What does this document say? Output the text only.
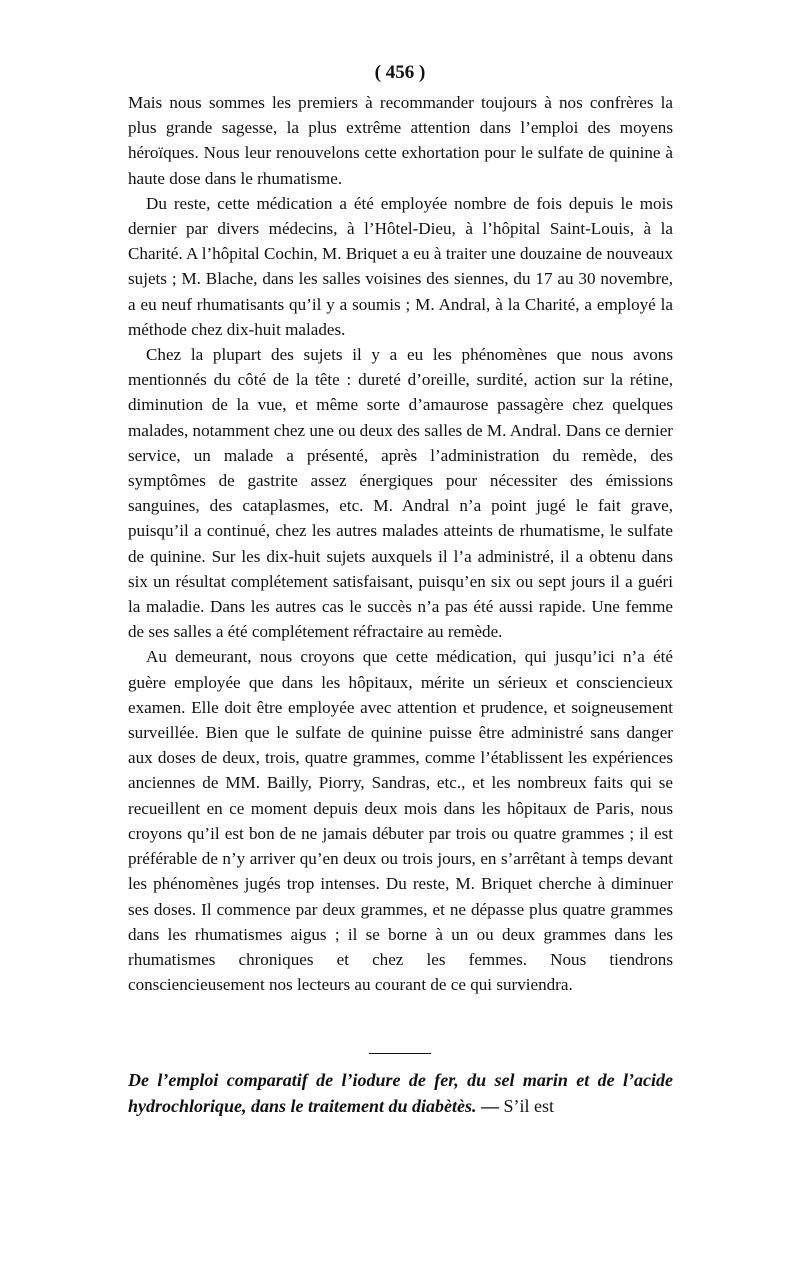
( 456 )

Mais nous sommes les premiers à recommander toujours à nos confrères la plus grande sagesse, la plus extrême attention dans l’emploi des moyens héroïques. Nous leur renouvelons cette exhortation pour le sulfate de quinine à haute dose dans le rhumatisme.

Du reste, cette médication a été employée nombre de fois depuis le mois dernier par divers médecins, à l’Hôtel-Dieu, à l’hôpital Saint-Louis, à la Charité. A l’hôpital Cochin, M. Briquet a eu à traiter une douzaine de nouveaux sujets ; M. Blache, dans les salles voisines des siennes, du 17 au 30 novembre, a eu neuf rhumatisants qu’il y a soumis ; M. Andral, à la Charité, a employé la méthode chez dix-huit malades.

Chez la plupart des sujets il y a eu les phénomènes que nous avons mentionnés du côté de la tête : dureté d’oreille, surdité, action sur la rétine, diminution de la vue, et même sorte d’amaurose passagère chez quelques malades, notamment chez une ou deux des salles de M. Andral. Dans ce dernier service, un malade a présenté, après l’administration du remède, des symptômes de gastrite assez énergiques pour nécessiter des émissions sanguines, des cataplasmes, etc. M. Andral n’a point jugé le fait grave, puisqu’il a continué, chez les autres malades atteints de rhumatisme, le sulfate de quinine. Sur les dix-huit sujets auxquels il l’a administré, il a obtenu dans six un résultat complétement satisfaisant, puisqu’en six ou sept jours il a guéri la maladie. Dans les autres cas le succès n’a pas été aussi rapide. Une femme de ses salles a été complétement réfractaire au remède.

Au demeurant, nous croyons que cette médication, qui jusqu’ici n’a été guère employée que dans les hôpitaux, mérite un sérieux et consciencieux examen. Elle doit être employée avec attention et prudence, et soigneusement surveillée. Bien que le sulfate de quinine puisse être administré sans danger aux doses de deux, trois, quatre grammes, comme l’établissent les expériences anciennes de MM. Bailly, Piorry, Sandras, etc., et les nombreux faits qui se recueillent en ce moment depuis deux mois dans les hôpitaux de Paris, nous croyons qu’il est bon de ne jamais débuter par trois ou quatre grammes ; il est préférable de n’y arriver qu’en deux ou trois jours, en s’arrêtant à temps devant les phénomènes jugés trop intenses. Du reste, M. Briquet cherche à diminuer ses doses. Il commence par deux grammes, et ne dépasse plus quatre grammes dans les rhumatismes aigus ; il se borne à un ou deux grammes dans les rhumatismes chroniques et chez les femmes. Nous tiendrons consciencieusement nos lecteurs au courant de ce qui surviendra.

De l’emploi comparatif de l’iodure de fer, du sel marin et de l’acide hydrochlorique, dans le traitement du diabètès. — S’il est
